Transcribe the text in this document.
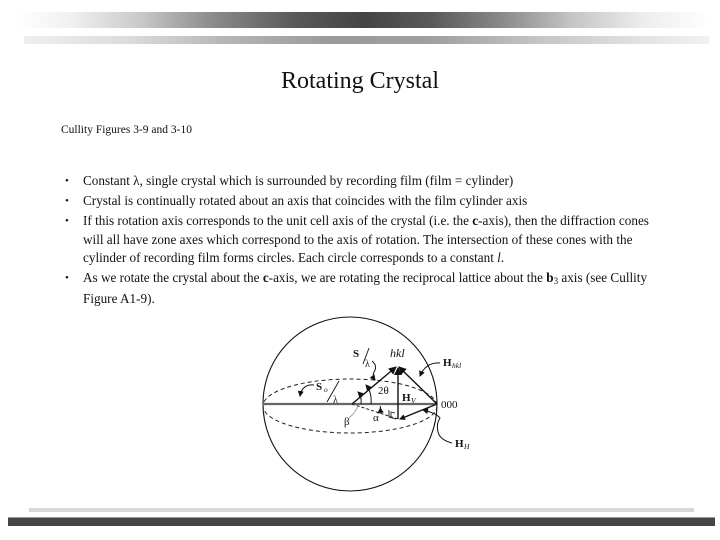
Rotating Crystal
Cullity Figures 3-9 and 3-10
• Constant λ, single crystal which is surrounded by recording film (film = cylinder)
• Crystal is continually rotated about an axis that coincides with the film cylinder axis
• If this rotation axis corresponds to the unit cell axis of the crystal (i.e. the c-axis), then the diffraction cones will all have zone axes which correspond to the axis of rotation. The intersection of these cones with the cylinder of recording film forms circles. Each circle corresponds to a constant l.
• As we rotate the crystal about the c-axis, we are rotating the reciprocal lattice about the $b_3$ axis (see Cullity Figure A1-9).
S
λ
hkl
H hkl
S o
λ
2θ
H V 000
β α
H H
